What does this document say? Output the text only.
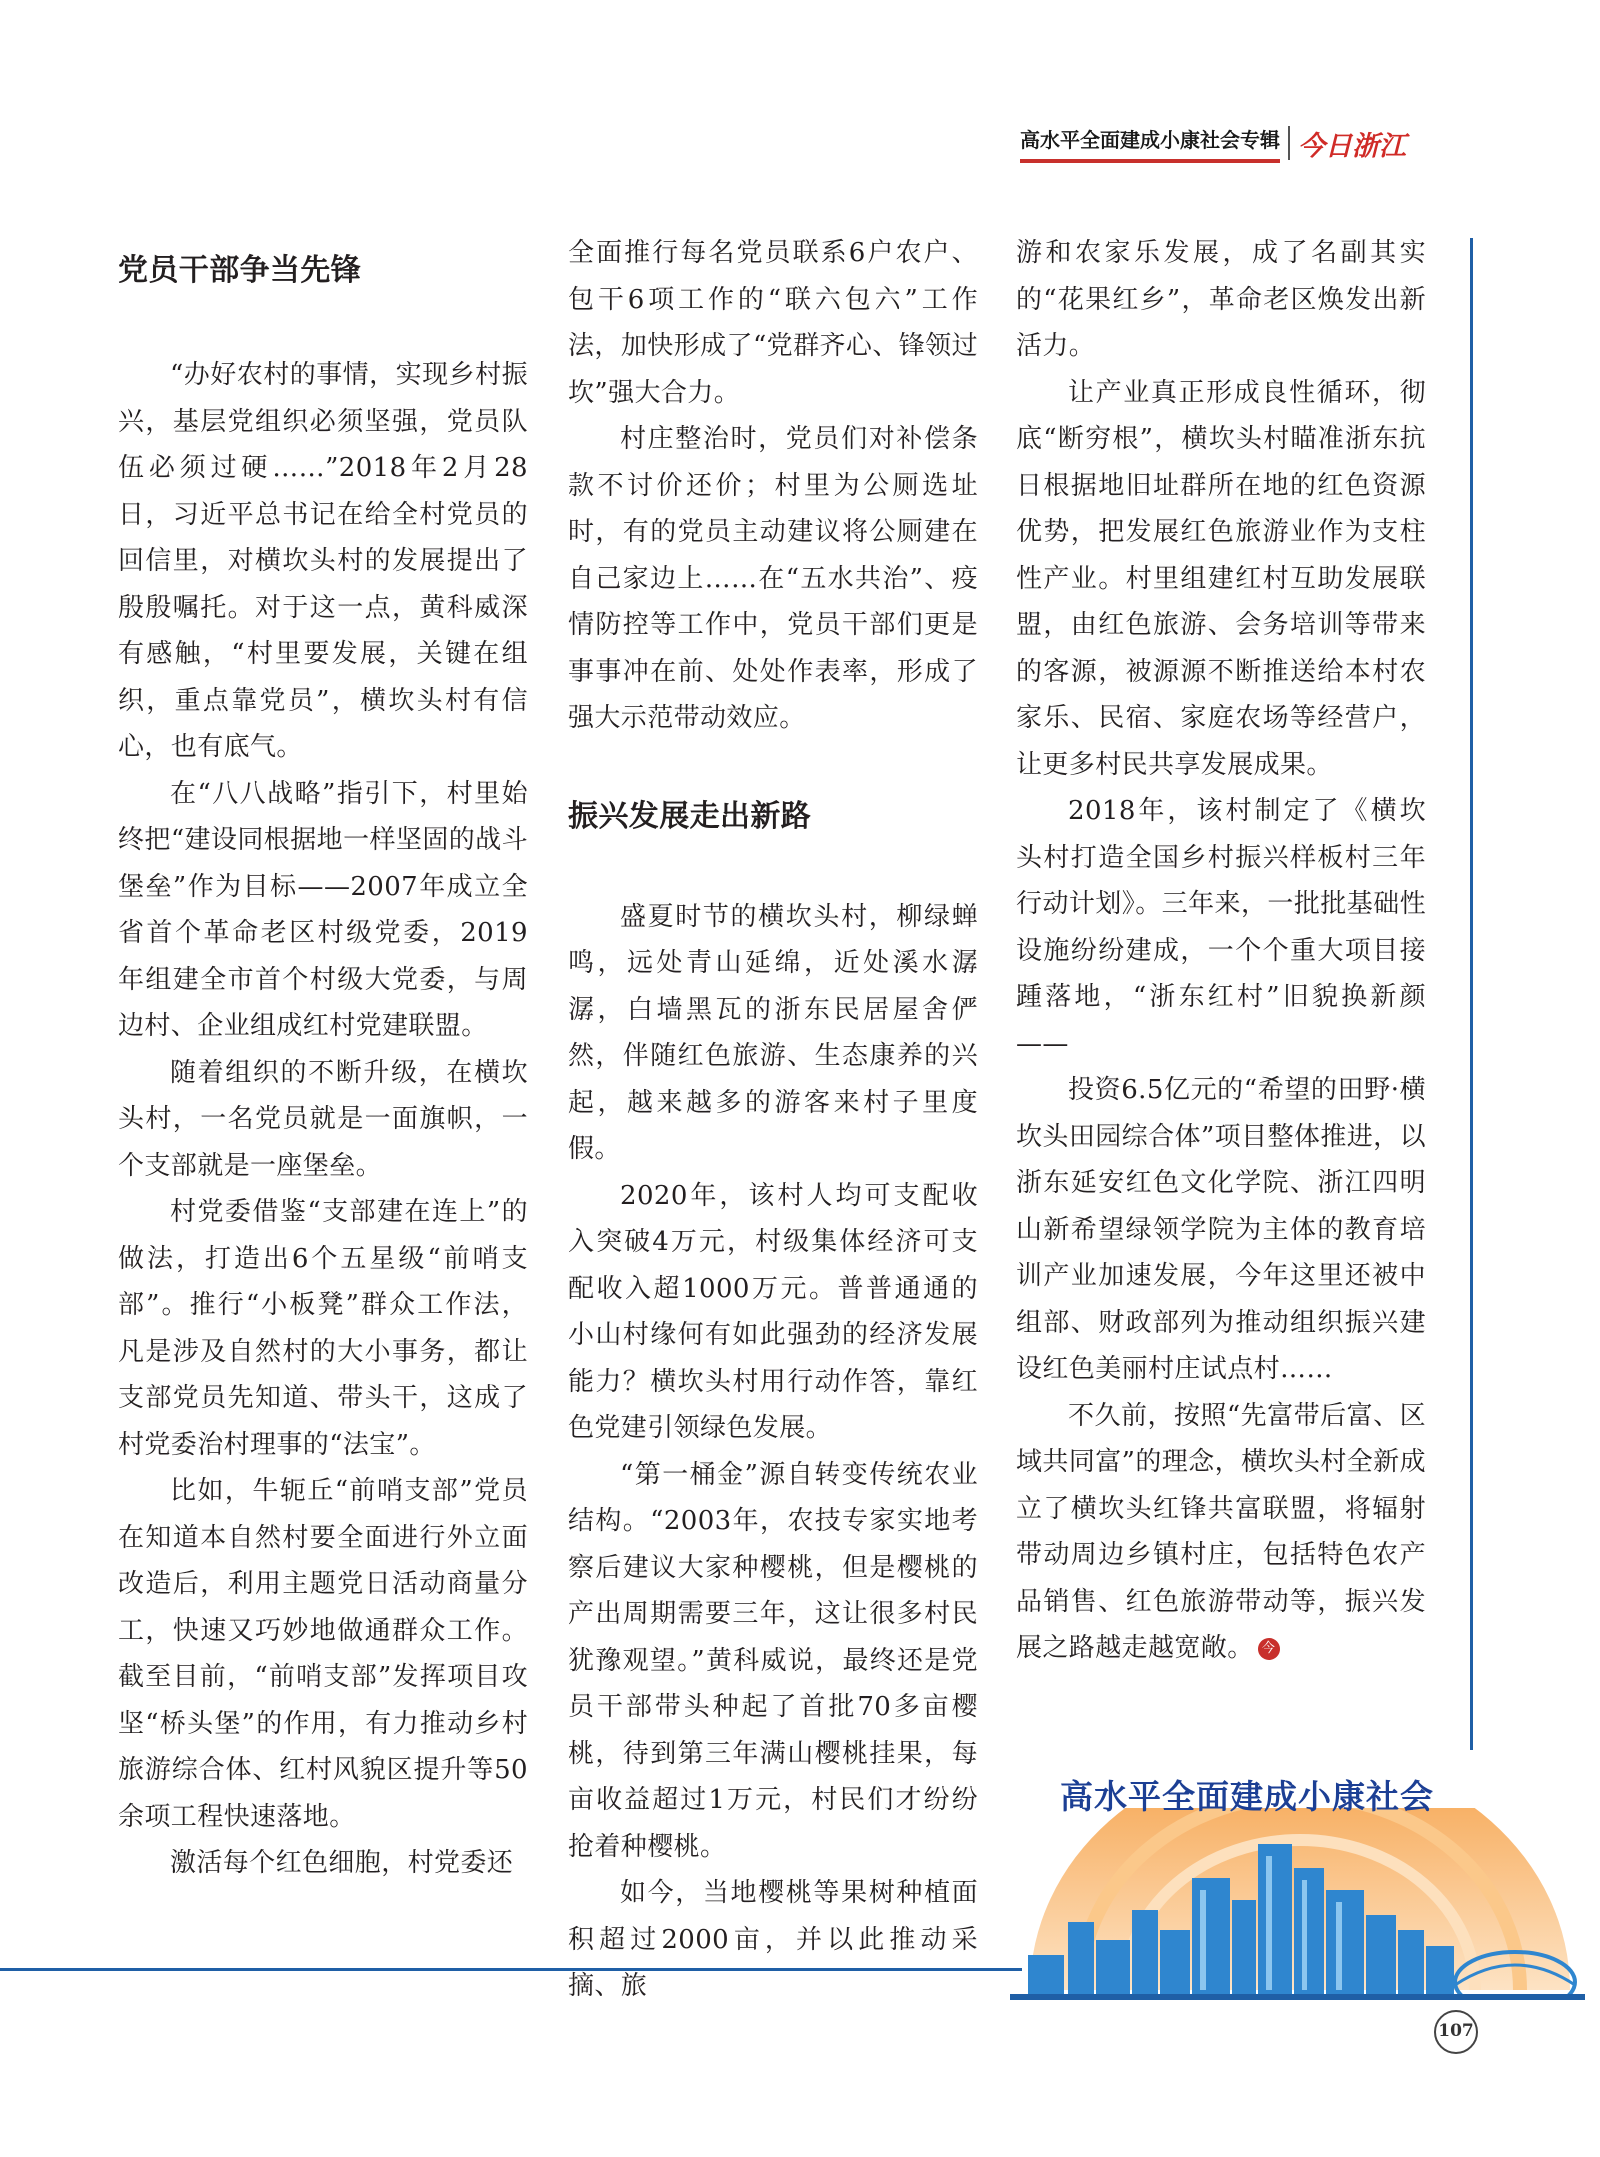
高水平全面建成小康社会专辑 今日浙江
党员干部争当先锋

“办好农村的事情，实现乡村振兴，基层党组织必须坚强，党员队伍必须过硬……”2018年2月28日，习近平总书记在给全村党员的回信里，对横坎头村的发展提出了殷殷嘱托。对于这一点，黄科威深有感触，“村里要发展，关键在组织，重点靠党员”，横坎头村有信心，也有底气。

在“八八战略”指引下，村里始终把“建设同根据地一样坚固的战斗堡垒”作为目标——2007年成立全省首个革命老区村级党委，2019年组建全市首个村级大党委，与周边村、企业组成红村党建联盟。

随着组织的不断升级，在横坎头村，一名党员就是一面旗帜，一个支部就是一座堡垒。

村党委借鉴“支部建在连上”的做法，打造出6个五星级“前哨支部”。推行“小板凳”群众工作法，凡是涉及自然村的大小事务，都让支部党员先知道、带头干，这成了村党委治村理事的“法宝”。

比如，牛轭丘“前哨支部”党员在知道本自然村要全面进行外立面改造后，利用主题党日活动商量分工，快速又巧妙地做通群众工作。截至目前，“前哨支部”发挥项目攻坚“桥头堡”的作用，有力推动乡村旅游综合体、红村风貌区提升等50余项工程快速落地。

激活每个红色细胞，村党委还

全面推行每名党员联系6户农户、包干6项工作的“联六包六”工作法，加快形成了“党群齐心、锋领过坎”强大合力。

村庄整治时，党员们对补偿条款不讨价还价；村里为公厕选址时，有的党员主动建议将公厕建在自己家边上……在“五水共治”、疫情防控等工作中，党员干部们更是事事冲在前、处处作表率，形成了强大示范带动效应。

振兴发展走出新路

盛夏时节的横坎头村，柳绿蝉鸣，远处青山延绵，近处溪水潺潺，白墙黑瓦的浙东民居屋舍俨然，伴随红色旅游、生态康养的兴起，越来越多的游客来村子里度假。

2020年，该村人均可支配收入突破4万元，村级集体经济可支配收入超1000万元。普普通通的小山村缘何有如此强劲的经济发展能力？横坎头村用行动作答，靠红色党建引领绿色发展。

“第一桶金”源自转变传统农业结构。“2003年，农技专家实地考察后建议大家种樱桃，但是樱桃的产出周期需要三年，这让很多村民犹豫观望。”黄科威说，最终还是党员干部带头种起了首批70多亩樱桃，待到第三年满山樱桃挂果，每亩收益超过1万元，村民们才纷纷抢着种樱桃。

如今，当地樱桃等果树种植面积超过2000亩，并以此推动采摘、旅

游和农家乐发展，成了名副其实的“花果红乡”，革命老区焕发出新活力。

让产业真正形成良性循环，彻底“断穷根”，横坎头村瞄准浙东抗日根据地旧址群所在地的红色资源优势，把发展红色旅游业作为支柱性产业。村里组建红村互助发展联盟，由红色旅游、会务培训等带来的客源，被源源不断推送给本村农家乐、民宿、家庭农场等经营户，让更多村民共享发展成果。

2018年，该村制定了《横坎头村打造全国乡村振兴样板村三年行动计划》。三年来，一批批基础性设施纷纷建成，一个个重大项目接踵落地，“浙东红村”旧貌换新颜——

投资6.5亿元的“希望的田野·横坎头田园综合体”项目整体推进，以浙东延安红色文化学院、浙江四明山新希望绿领学院为主体的教育培训产业加速发展，今年这里还被中组部、财政部列为推动组织振兴建设红色美丽村庄试点村……

不久前，按照“先富带后富、区域共同富”的理念，横坎头村全新成立了横坎头红锋共富联盟，将辐射带动周边乡镇村庄，包括特色农产品销售、红色旅游带动等，振兴发展之路越走越宽敞。 今

高水平全面建成小康社会
107
